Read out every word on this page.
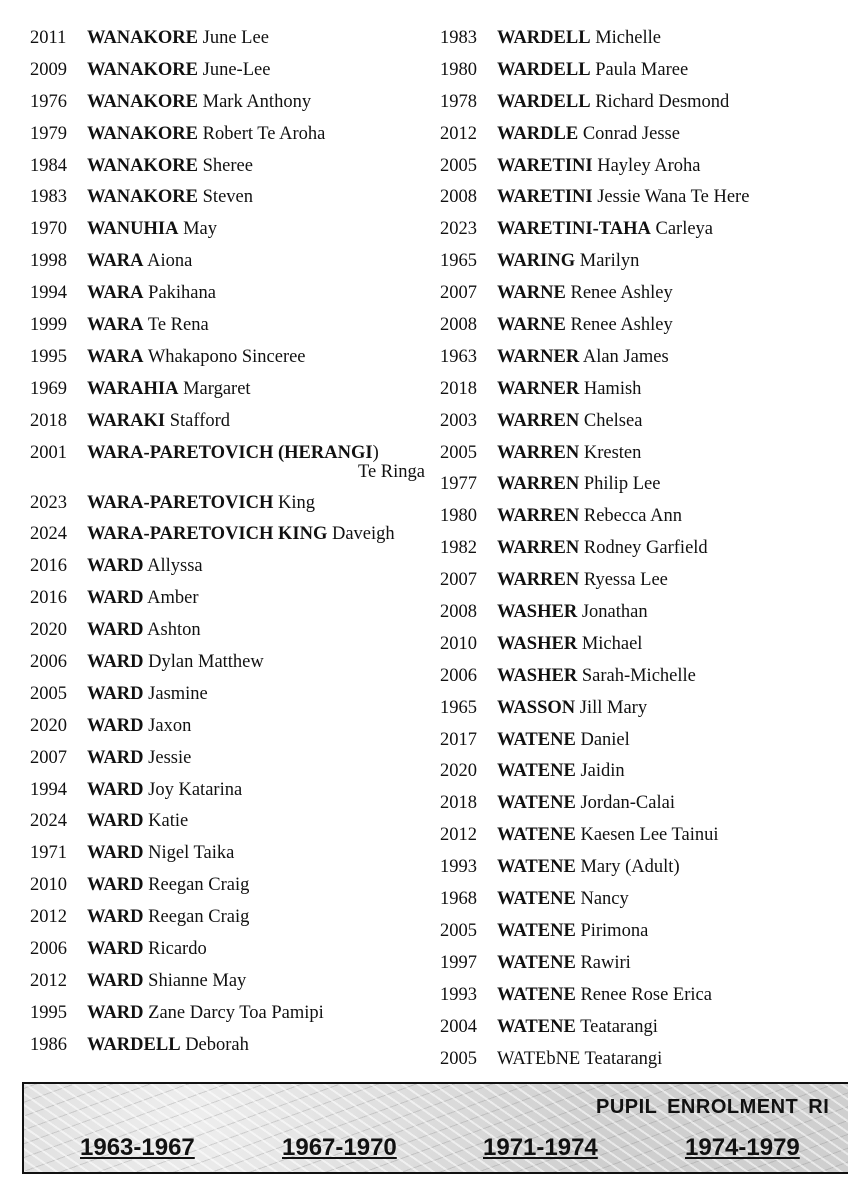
2011 WANAKORE June Lee
2009 WANAKORE June-Lee
1976 WANAKORE Mark Anthony
1979 WANAKORE Robert Te Aroha
1984 WANAKORE Sheree
1983 WANAKORE Steven
1970 WANUHIA May
1998 WARA Aiona
1994 WARA Pakihana
1999 WARA Te Rena
1995 WARA Whakapono Sinceree
1969 WARAHIA Margaret
2018 WARAKI Stafford
2001 WARA-PARETOVICH (HERANGI)
Te Ringa
2023 WARA-PARETOVICH King
2024 WARA-PARETOVICH KING Daveigh
2016 WARD Allyssa
2016 WARD Amber
2020 WARD Ashton
2006 WARD Dylan Matthew
2005 WARD Jasmine
2020 WARD Jaxon
2007 WARD Jessie
1994 WARD Joy Katarina
2024 WARD Katie
1971 WARD Nigel Taika
2010 WARD Reegan Craig
2012 WARD Reegan Craig
2006 WARD Ricardo
2012 WARD Shianne May
1995 WARD Zane Darcy Toa Pamipi
1986 WARDELL Deborah
1983 WARDELL Michelle
1980 WARDELL Paula Maree
1978 WARDELL Richard Desmond
2012 WARDLE Conrad Jesse
2005 WARETINI Hayley Aroha
2008 WARETINI Jessie Wana Te Here
2023 WARETINI-TAHA Carleya
1965 WARING Marilyn
2007 WARNE Renee Ashley
2008 WARNE Renee Ashley
1963 WARNER Alan James
2018 WARNER Hamish
2003 WARREN Chelsea
2005 WARREN Kresten
1977 WARREN Philip Lee
1980 WARREN Rebecca Ann
1982 WARREN Rodney Garfield
2007 WARREN Ryessa Lee
2008 WASHER Jonathan
2010 WASHER Michael
2006 WASHER Sarah-Michelle
1965 WASSON Jill Mary
2017 WATENE Daniel
2020 WATENE Jaidin
2018 WATENE Jordan-Calai
2012 WATENE Kaesen Lee Tainui
1993 WATENE Mary (Adult)
1968 WATENE Nancy
2005 WATENE Pirimona
1997 WATENE Rawiri
1993 WATENE Renee Rose Erica
2004 WATENE Teatarangi
2005 WATEbNE Teatarangi
PUPIL ENROLMENT RI
1963-1967	1967-1970	1971-1974	1974-1979
